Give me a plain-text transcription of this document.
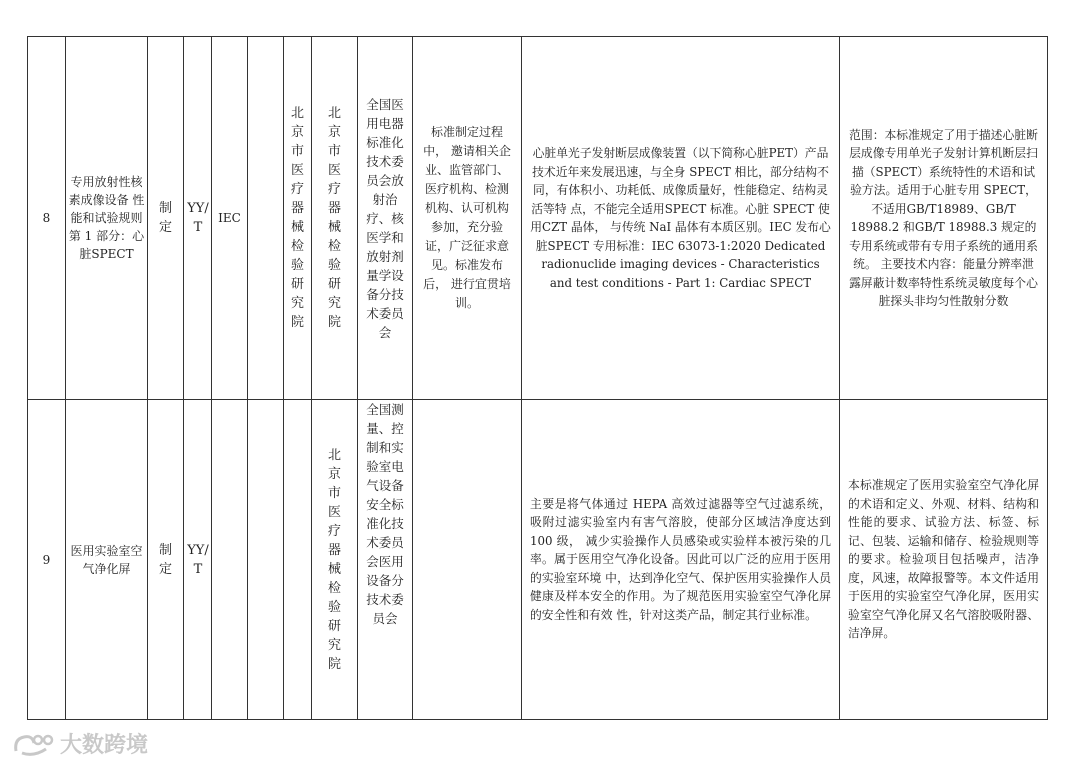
8	专用放射性核素成像设备 性能和试验规则 第 1 部分：心脏SPECT	制定	YY/T	IEC		北京市医疗器械检验研究院	北京市医疗器械检验研究院	全国医用电器标准化技术委员会放射治疗、核医学和放射剂量学设备分技术委员会	标准制定过程中， 邀请相关企业、监管部门、医疗机构、检测机构、认可机构参加，充分验证，广泛征求意见。标准发布后， 进行宜贯培训。	心脏单光子发射断层成像装置（以下简称心脏PET）产品技术近年来发展迅速，与全身 SPECT 相比，部分结构不同，有体积小、功耗低、成像质量好，性能稳定、结构灵活等特 点，不能完全适用SPECT 标准。心脏 SPECT 使用CZT 晶体， 与传统 NaI 晶体有本质区别。IEC 发布心脏SPECT 专用标准：IEC 63073-1:2020 Dedicated radionuclide imaging devices - Characteristics and test conditions - Part 1: Cardiac SPECT	范围：本标准规定了用于描述心脏断层成像专用单光子发射计算机断层扫描（SPECT）系统特性的术语和试验方法。适用于心脏专用 SPECT，不适用GB/T18989、GB/T 18988.2 和GB/T 18988.3 规定的专用系统或带有专用子系统的通用系统。 主要技术内容：能量分辨率泄露屏蔽计数率特性系统灵敏度每个心脏探头非均匀性散射分数

9	医用实验室空气净化屏	制定	YY/T				北京市医疗器械检验研究院	全国测量、控制和实验室电气设备安全标准化技术委员会医用设备分技术委员会		主要是将气体通过 HEPA 高效过滤器等空气过滤系统，吸附过滤实验室内有害气溶胶，使部分区域洁净度达到 100 级， 减少实验操作人员感染或实验样本被污染的几率。属于医用空气净化设备。因此可以广泛的应用于医用的实验室环境 中，达到净化空气、保护医用实验操作人员健康及样本安全的作用。为了规范医用实验室空气净化屏的安全性和有效 性，针对这类产品，制定其行业标准。	本标准规定了医用实验室空气净化屏的术语和定义、外观、材料、结构和性能的要求、试验方法、标签、标 记、包装、运输和储存、检验规则等的要求。检验项目包括噪声，洁净度，风速，故障报警等。本文件适用于医用的实验室空气净化屏，医用实验室空气净化屏又名气溶胶吸附器、洁净屏。
大数跨境
